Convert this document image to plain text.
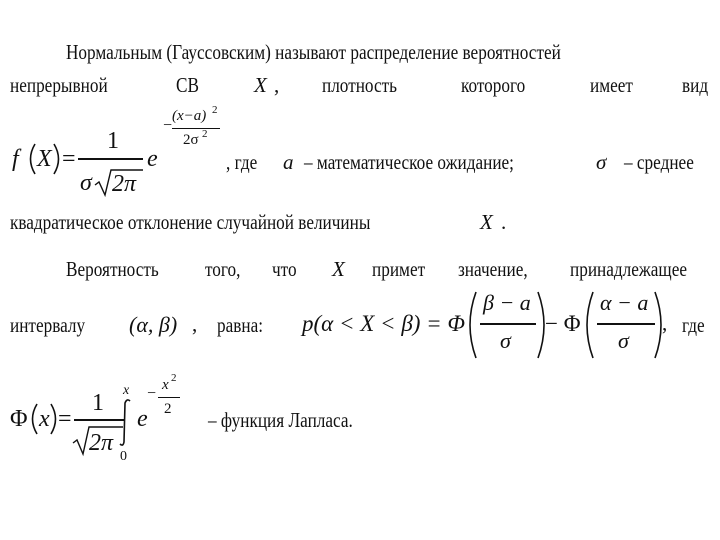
Нормальным (Гауссовским) называют распределение вероятностей
непрерывной	СВ	X , плотность	которого	имеет вид
f X =
1
σ 2π
e
−
(x−a) 2
2σ 2
, где a – математическое ожидание;	σ – среднее
квадратическое отклонение случайной величины	X .
Вероятность того, что X примет значение, принадлежащее
интервалу (α, β) , равна: p(α < X < β) = Φ
β − a
σ
− Φ
α − a
σ
, где
Φ x =
1
2π
x
0
e
− x 2
2 – функция Лапласа.
